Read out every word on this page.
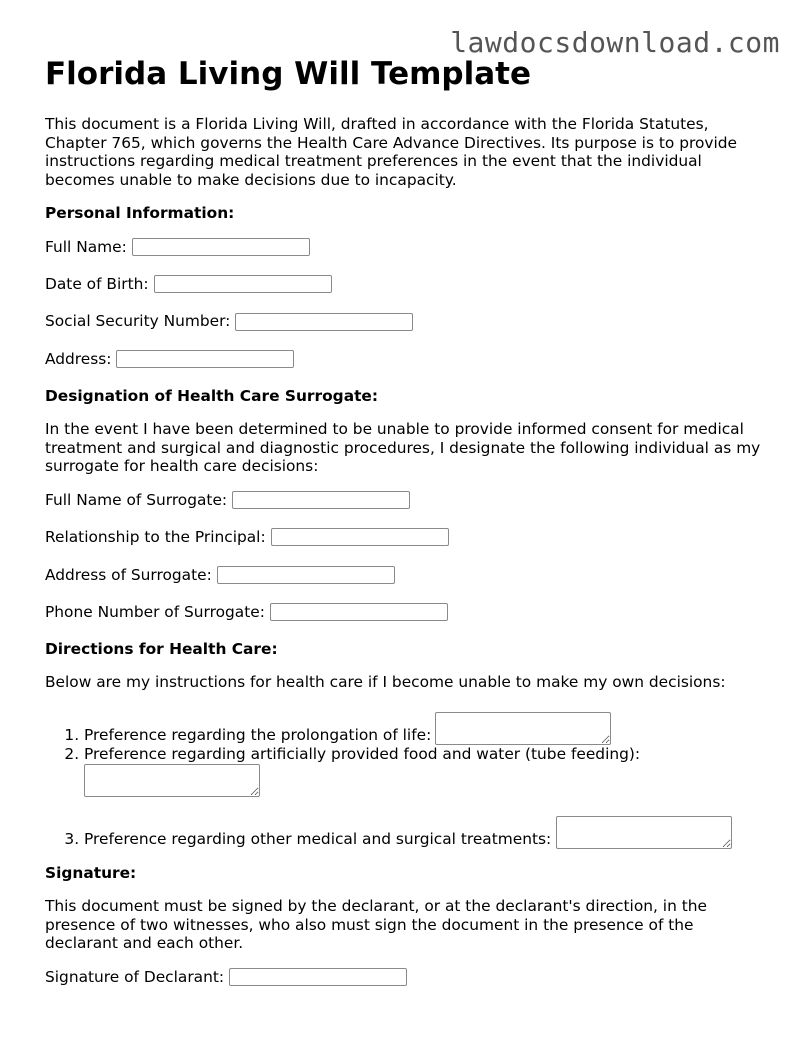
lawdocsdownload.com
Florida Living Will Template

This document is a Florida Living Will, drafted in accordance with the Florida Statutes, Chapter 765, which governs the Health Care Advance Directives. Its purpose is to provide instructions regarding medical treatment preferences in the event that the individual becomes unable to make decisions due to incapacity.

Personal Information:
Full Name:
Date of Birth:
Social Security Number:
Address:
Designation of Health Care Surrogate:

In the event I have been determined to be unable to provide informed consent for medical treatment and surgical and diagnostic procedures, I designate the following individual as my surrogate for health care decisions:

Full Name of Surrogate:
Relationship to the Principal:
Address of Surrogate:
Phone Number of Surrogate:
Directions for Health Care:

Below are my instructions for health care if I become unable to make my own decisions:

1. Preference regarding the prolongation of life:
2. Preference regarding artificially provided food and water (tube feeding):
3. Preference regarding other medical and surgical treatments:
Signature:

This document must be signed by the declarant, or at the declarant's direction, in the presence of two witnesses, who also must sign the document in the presence of the declarant and each other.

Signature of Declarant:
